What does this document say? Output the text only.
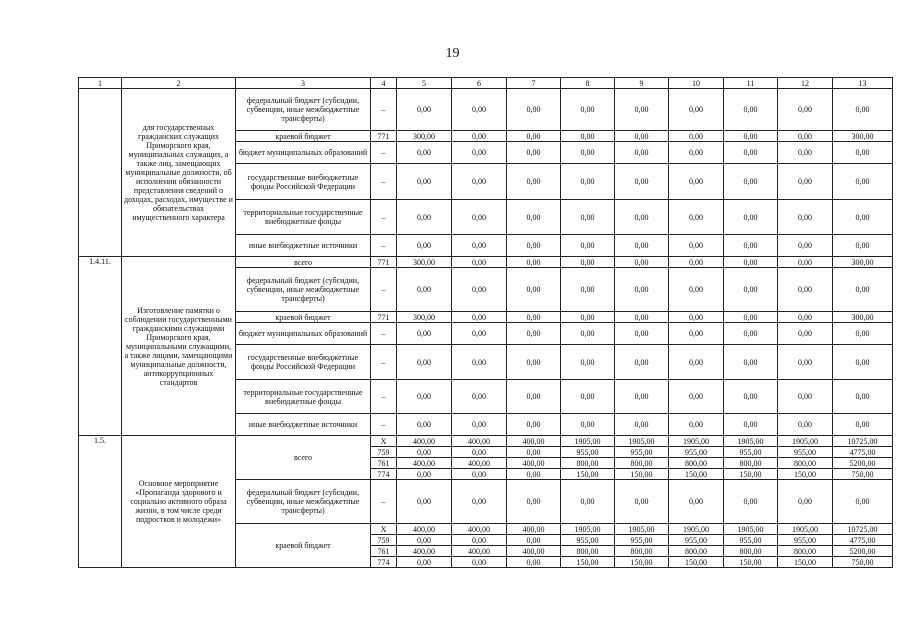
19
1	2	3	4	5	6	7	8	9	10	11	12	13
	для государственных гражданских служащих Приморского края, муниципальных служащих, а также лиц, замещающих муниципальные должности, об исполнении обязанности представления сведений о доходах, расходах, имуществе и обязательствах имущественного характера	федеральный бюджет (субсидии, субвенции, иные межбюджетные трансферты)	–	0,00	0,00	0,00	0,00	0,00	0,00	0,00	0,00	0,00
		краевой бюджет	771	300,00	0,00	0,00	0,00	0,00	0,00	0,00	0,00	300,00
		бюджет муниципальных образований	–	0,00	0,00	0,00	0,00	0,00	0,00	0,00	0,00	0,00
		государственные внебюджетные фонды Российской Федерации	–	0,00	0,00	0,00	0,00	0,00	0,00	0,00	0,00	0,00
		территориальные государственные внебюджетные фонды	–	0,00	0,00	0,00	0,00	0,00	0,00	0,00	0,00	0,00
		иные внебюджетные источники	–	0,00	0,00	0,00	0,00	0,00	0,00	0,00	0,00	0,00
1.4.11.	Изготовление памятки о соблюдении государственными гражданскими служащими Приморского края, муниципальными служащими, а также лицами, замещающими муниципальные должности, антикоррупционных стандартов	всего	771	300,00	0,00	0,00	0,00	0,00	0,00	0,00	0,00	300,00
		федеральный бюджет (субсидии, субвенции, иные межбюджетные трансферты)	–	0,00	0,00	0,00	0,00	0,00	0,00	0,00	0,00	0,00
		краевой бюджет	771	300,00	0,00	0,00	0,00	0,00	0,00	0,00	0,00	300,00
		бюджет муниципальных образований	–	0,00	0,00	0,00	0,00	0,00	0,00	0,00	0,00	0,00
		государственные внебюджетные фонды Российской Федерации	–	0,00	0,00	0,00	0,00	0,00	0,00	0,00	0,00	0,00
		территориальные государственные внебюджетные фонды	–	0,00	0,00	0,00	0,00	0,00	0,00	0,00	0,00	0,00
		иные внебюджетные источники	–	0,00	0,00	0,00	0,00	0,00	0,00	0,00	0,00	0,00
1.5.	Основное мероприятие «Пропаганда здорового и социально активного образа жизни, в том числе среди подростков и молодежи»	всего	X	400,00	400,00	400,00	1905,00	1905,00	1905,00	1905,00	1905,00	10725,00
			759	0,00	0,00	0,00	955,00	955,00	955,00	955,00	955,00	4775,00
			761	400,00	400,00	400,00	800,00	800,00	800,00	800,00	800,00	5200,00
			774	0,00	0,00	0,00	150,00	150,00	150,00	150,00	150,00	750,00
		федеральный бюджет (субсидии, субвенции, иные межбюджетные трансферты)	–	0,00	0,00	0,00	0,00	0,00	0,00	0,00	0,00	0,00
		краевой бюджет	X	400,00	400,00	400,00	1905,00	1905,00	1905,00	1905,00	1905,00	10725,00
			759	0,00	0,00	0,00	955,00	955,00	955,00	955,00	955,00	4775,00
			761	400,00	400,00	400,00	800,00	800,00	800,00	800,00	800,00	5200,00
			774	0,00	0,00	0,00	150,00	150,00	150,00	150,00	150,00	750,00
